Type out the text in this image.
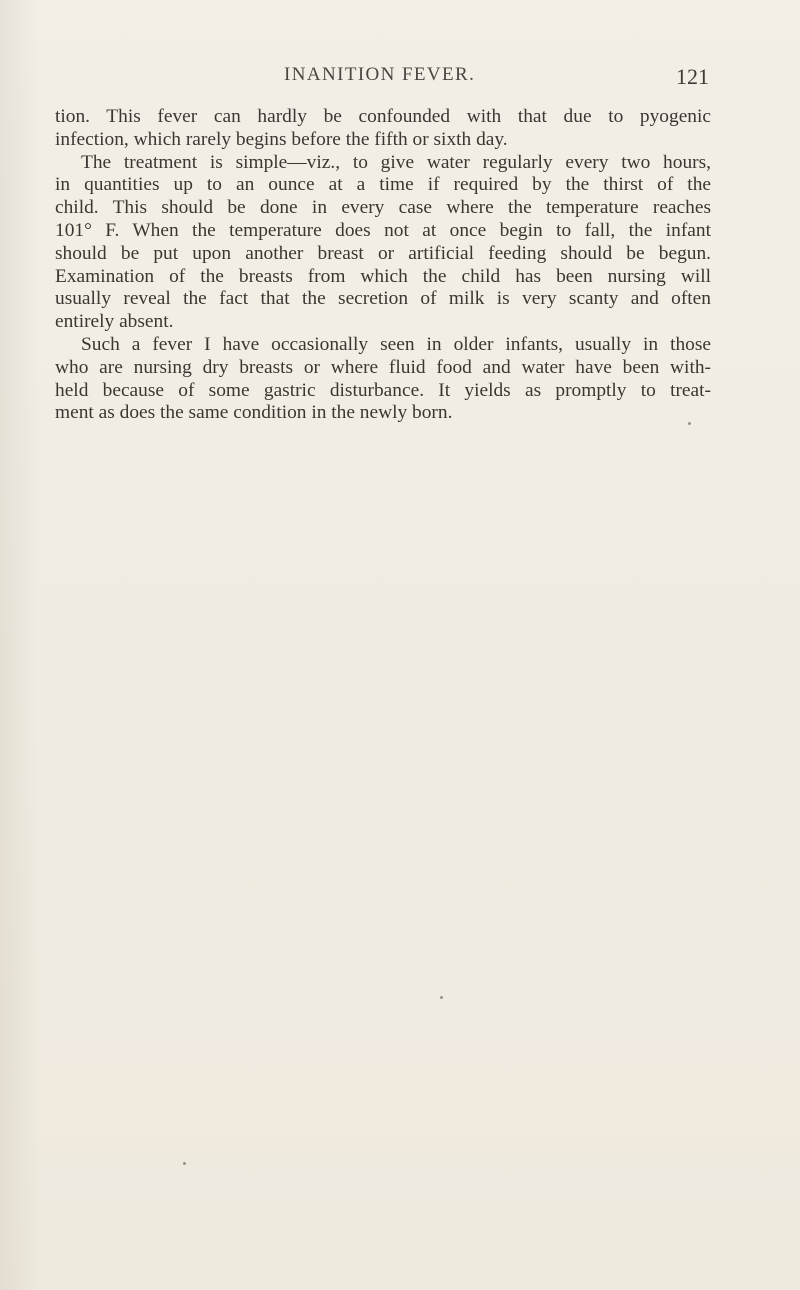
INANITION FEVER.	121
tion. This fever can hardly be confounded with that due to pyogenic
infection, which rarely begins before the fifth or sixth day.
The treatment is simple—viz., to give water regularly every two hours,
in quantities up to an ounce at a time if required by the thirst of the
child. This should be done in every case where the temperature reaches
101° F. When the temperature does not at once begin to fall, the infant
should be put upon another breast or artificial feeding should be begun.
Examination of the breasts from which the child has been nursing will
usually reveal the fact that the secretion of milk is very scanty and often
entirely absent.
Such a fever I have occasionally seen in older infants, usually in those
who are nursing dry breasts or where fluid food and water have been with-
held because of some gastric disturbance. It yields as promptly to treat-
ment as does the same condition in the newly born.
